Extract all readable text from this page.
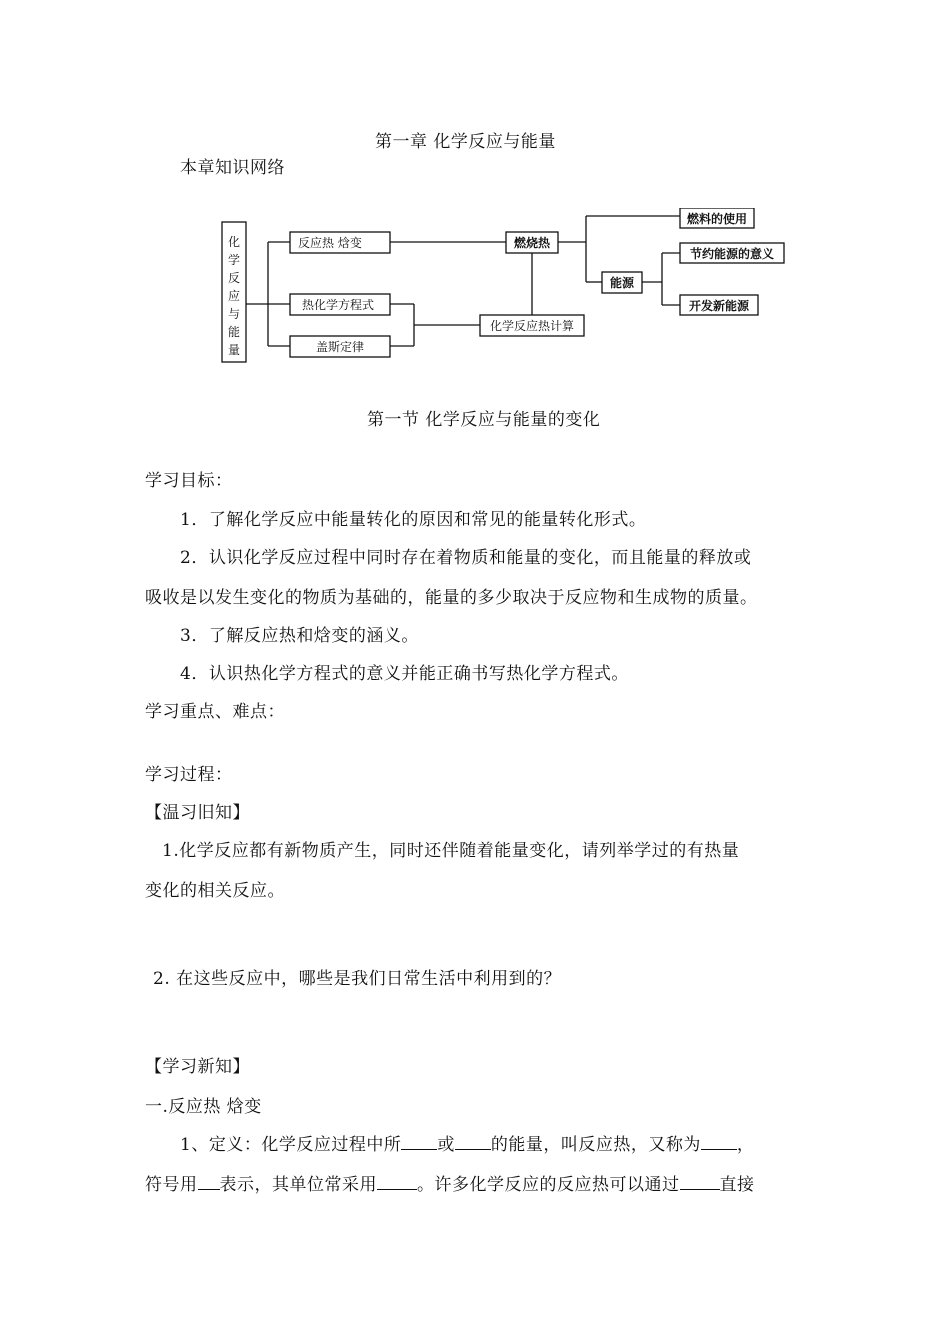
第一章 化学反应与能量
本章知识网络
化
学
反
应
与
能
量
反应热 焓变
热化学方程式
盖斯定律
燃烧热
化学反应热计算
能源
燃料的使用
节约能源的意义
开发新能源
第一节 化学反应与能量的变化
学习目标：
1．了解化学反应中能量转化的原因和常见的能量转化形式。
2．认识化学反应过程中同时存在着物质和能量的变化，而且能量的释放或
吸收是以发生变化的物质为基础的，能量的多少取决于反应物和生成物的质量。
3．了解反应热和焓变的涵义。
4．认识热化学方程式的意义并能正确书写热化学方程式。
学习重点、难点：
学习过程：
【温习旧知】
1.化学反应都有新物质产生，同时还伴随着能量变化，请列举学过的有热量
变化的相关反应。
2. 在这些反应中，哪些是我们日常生活中利用到的？
【学习新知】
一.反应热 焓变
1、定义：化学反应过程中所 或 的能量，叫反应热，又称为 ，
符号用 表示，其单位常采用 。许多化学反应的反应热可以通过 直接
